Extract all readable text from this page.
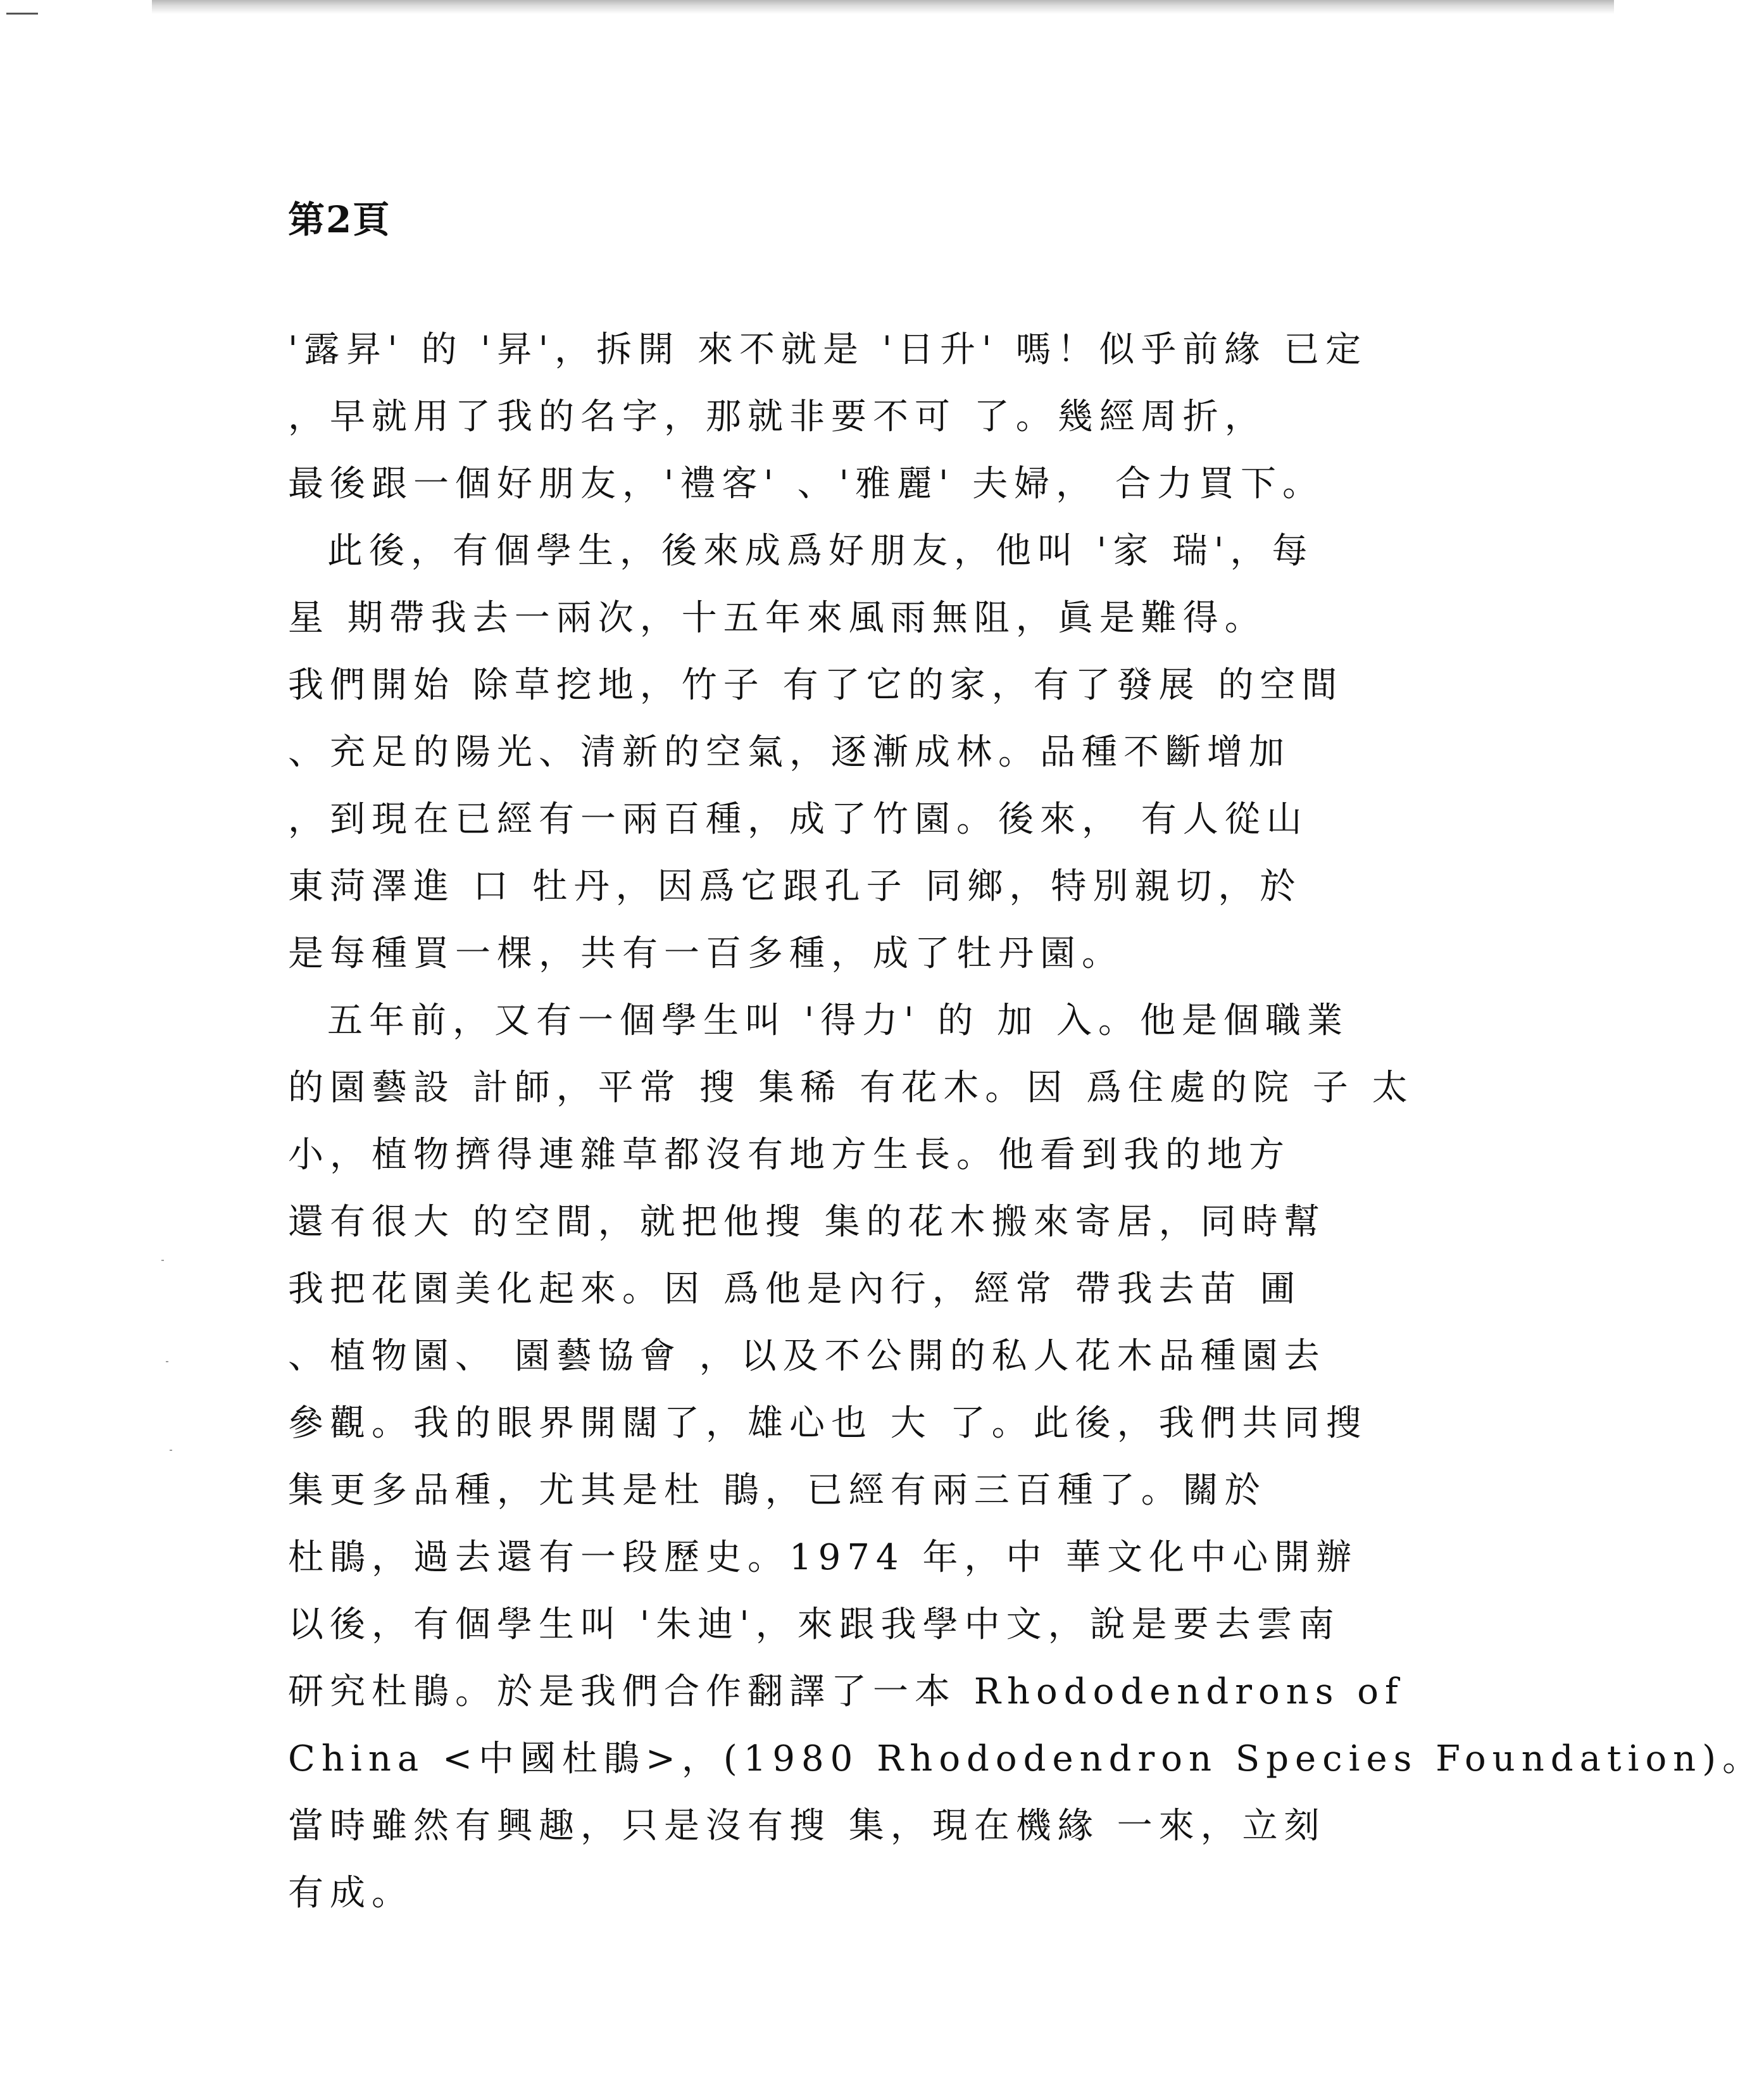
第2頁
'露昇' 的 '昇'，拆開 來不就是 '日升' 嗎！似乎前緣 已定
，早就用了我的名字，那就非要不可 了。幾經周折，
最後跟一個好朋友，'禮客' 、'雅麗' 夫婦， 合力買下。
此後，有個學生，後來成爲好朋友，他叫 '家 瑞'，每
星 期帶我去一兩次，十五年來風雨無阻，眞是難得。
我們開始 除草挖地，竹子 有了它的家，有了發展 的空間
、充足的陽光、清新的空氣，逐漸成林。品種不斷增加
，到現在已經有一兩百種，成了竹園。後來， 有人從山
東菏澤進 口 牡丹，因爲它跟孔子 同鄉，特別親切，於
是每種買一棵，共有一百多種，成了牡丹園。
五年前，又有一個學生叫 '得力' 的 加 入。他是個職業
的園藝設 計師，平常 搜 集稀 有花木。因 爲住處的院 子 太
小，植物擠得連雜草都沒有地方生長。他看到我的地方
還有很大 的空間，就把他搜 集的花木搬來寄居，同時幫
我把花園美化起來。因 爲他是內行，經常 帶我去苗 圃
、植物園、 園藝協會 ，以及不公開的私人花木品種園去
參觀。我的眼界開闊了，雄心也 大 了。此後，我們共同搜
集更多品種，尤其是杜 鵑，已經有兩三百種了。關於
杜鵑，過去還有一段歷史。1974 年，中 華文化中心開辦
以後，有個學生叫 '朱迪'，來跟我學中文，說是要去雲南
研究杜鵑。於是我們合作翻譯了一本 Rhododendrons of
China <中國杜鵑>，(1980 Rhododendron Species Foundation)。
當時雖然有興趣，只是沒有搜 集，現在機緣 一來，立刻
有成。
